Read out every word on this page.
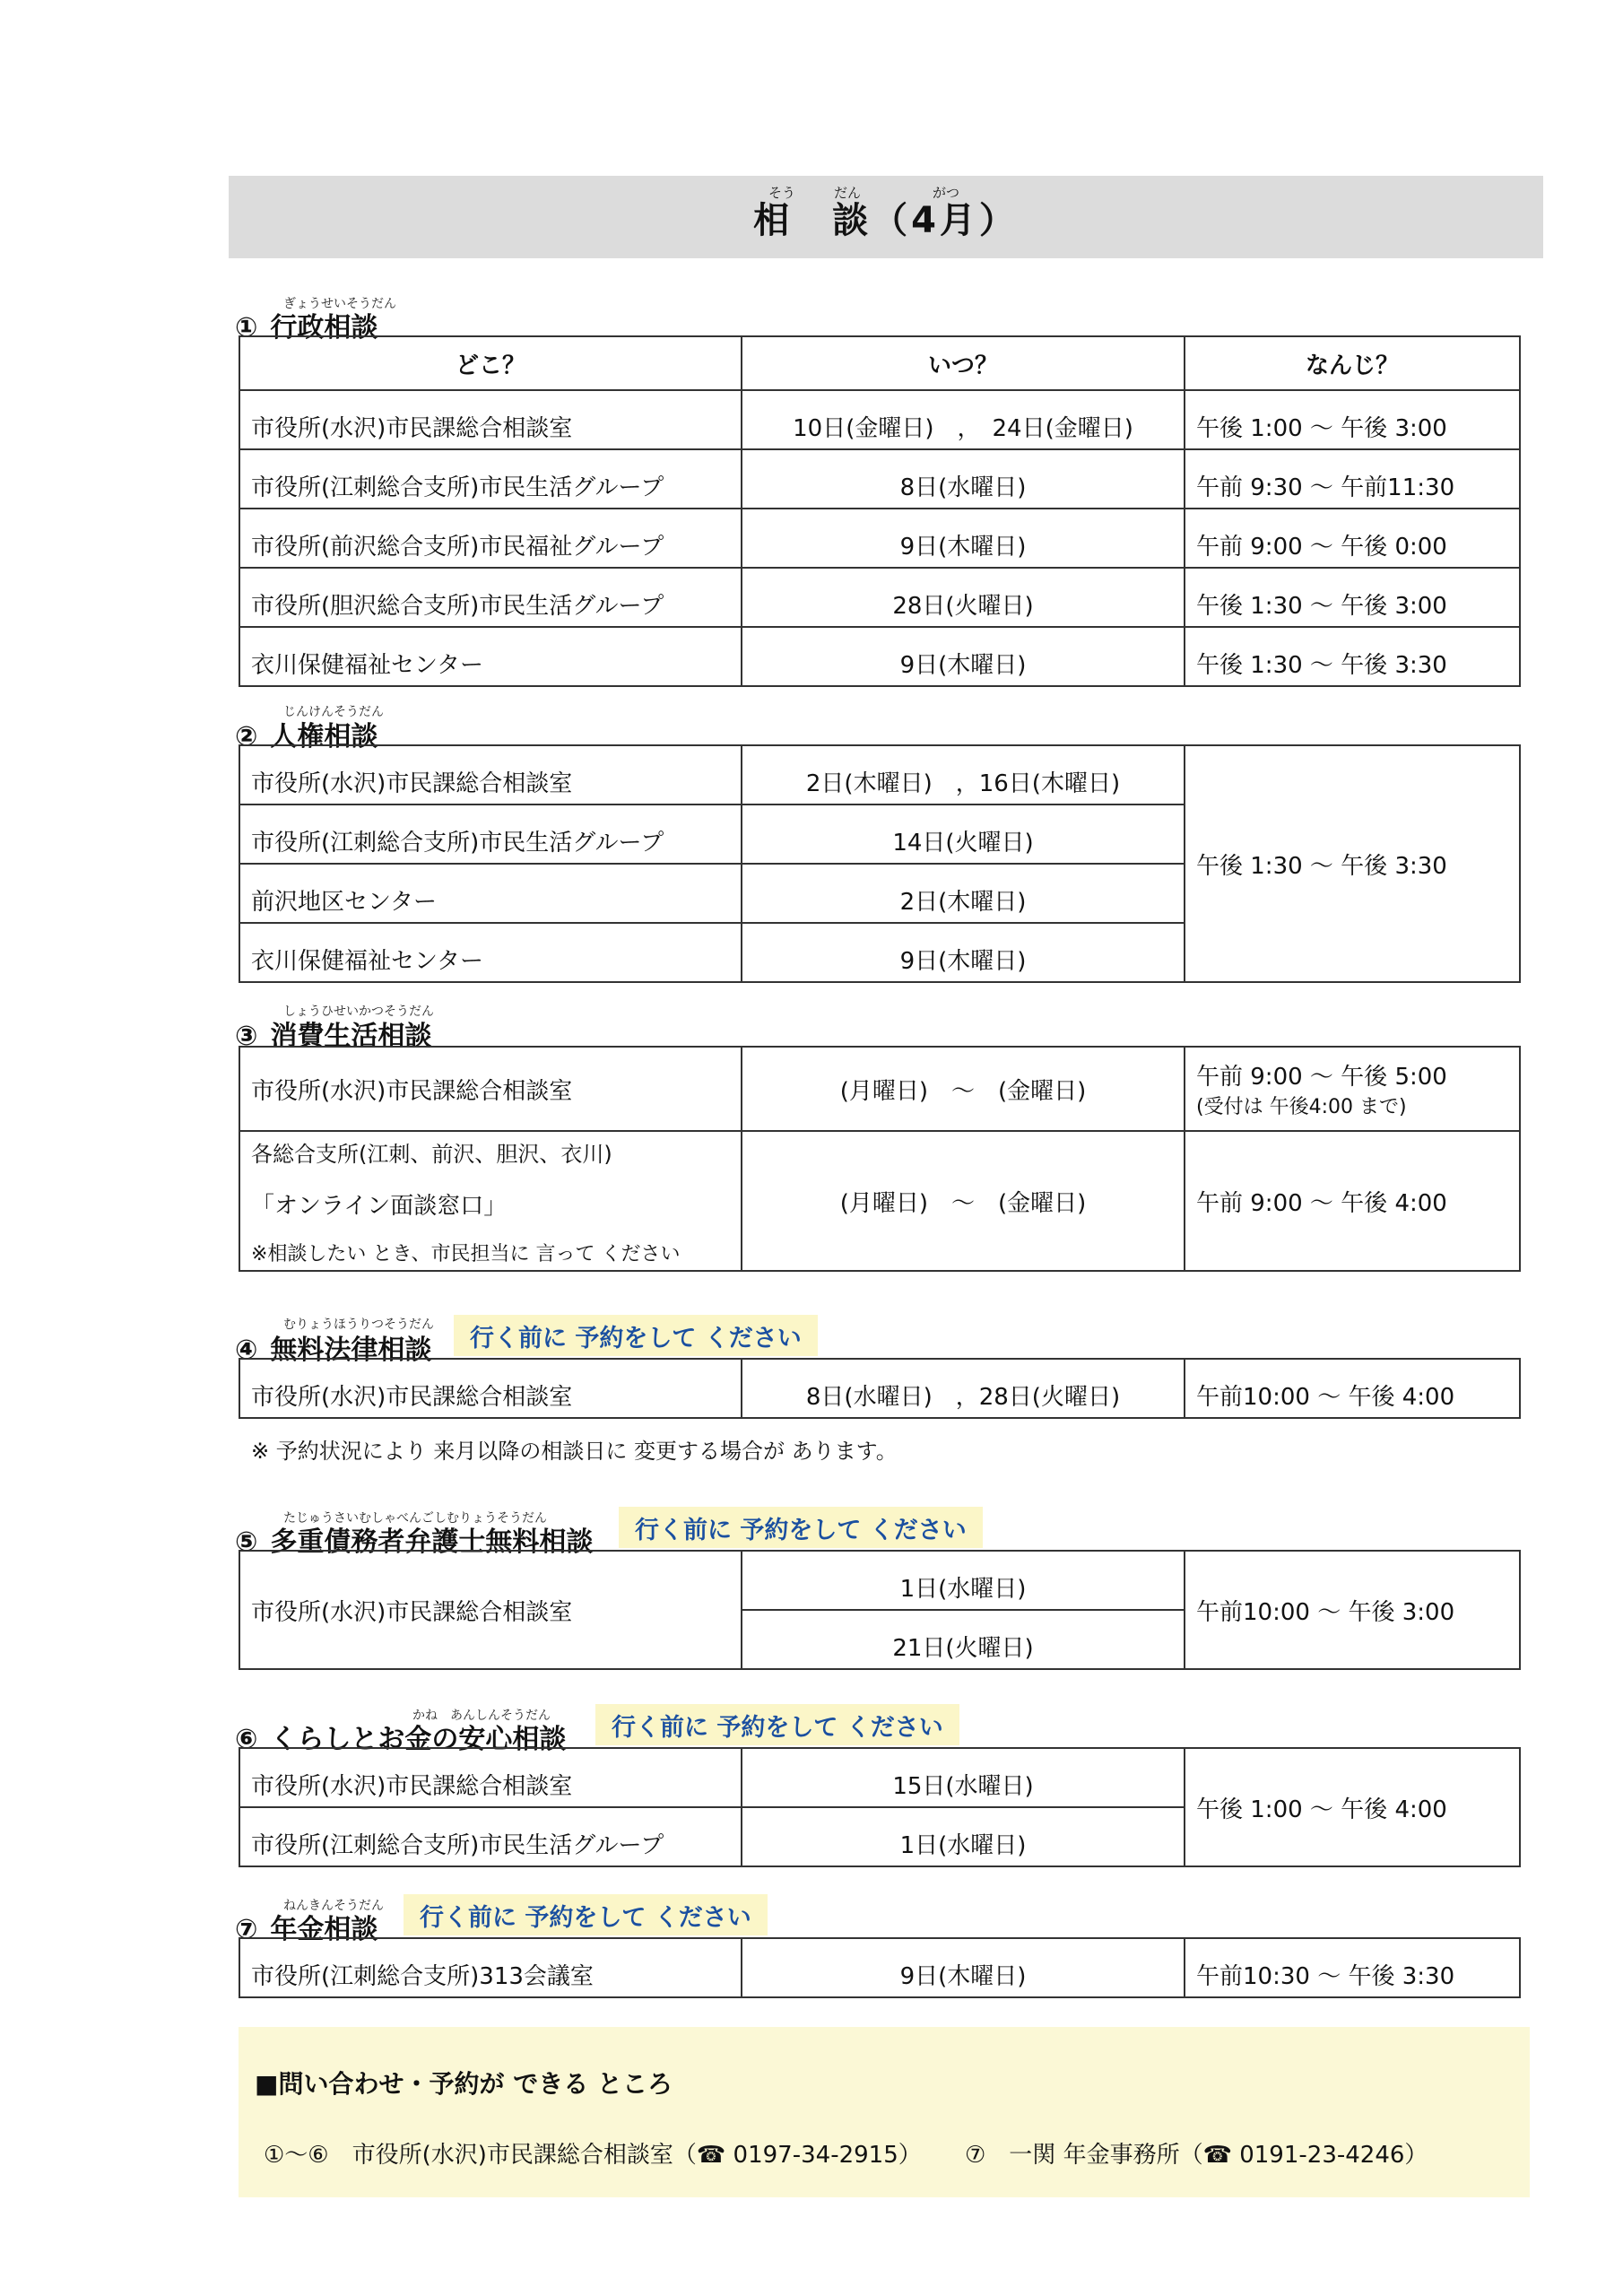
相　談（4月）
そう	だん	がつ
ぎょうせいそうだん
① 行政相談
どこ？	いつ？	なんじ？
市役所(水沢)市民課総合相談室	10日(金曜日)　，　24日(金曜日)	午後 1:00 ～ 午後 3:00
市役所(江刺総合支所)市民生活グループ	8日(水曜日)	午前 9:30 ～ 午前11:30
市役所(前沢総合支所)市民福祉グループ	9日(木曜日)	午前 9:00 ～ 午後 0:00
市役所(胆沢総合支所)市民生活グループ	28日(火曜日)	午後 1:30 ～ 午後 3:00
衣川保健福祉センター	9日(木曜日)	午後 1:30 ～ 午後 3:30
じんけんそうだん
② 人権相談
市役所(水沢)市民課総合相談室	2日(木曜日)　，16日(木曜日)	午後 1:30 ～ 午後 3:30
市役所(江刺総合支所)市民生活グループ	14日(火曜日)	
前沢地区センター	2日(木曜日)	
衣川保健福祉センター	9日(木曜日)	
しょうひせいかつそうだん
③ 消費生活相談
市役所(水沢)市民課総合相談室	(月曜日)　～　(金曜日)	午前 9:00 ～ 午後 5:00
(受付は 午後4:00 まで)

各総合支所(江刺、前沢、胆沢、衣川)
「オンライン面談窓口」
※相談したい とき、市民担当に 言って ください	(月曜日)　～　(金曜日)	午前 9:00 ～ 午後 4:00
むりょうほうりつそうだん
④ 無料法律相談	行く前に 予約をして ください
市役所(水沢)市民課総合相談室	8日(水曜日)　，28日(火曜日)	午前10:00 ～ 午後 4:00
※ 予約状況により 来月以降の相談日に 変更する場合が あります。
たじゅうさいむしゃべんごしむりょうそうだん
⑤ 多重債務者弁護士無料相談	行く前に 予約をして ください
市役所(水沢)市民課総合相談室	1日(水曜日)	午前10:00 ～ 午後 3:00
21日(火曜日)
かね　あんしんそうだん
⑥ くらしとお金の安心相談	行く前に 予約をして ください
市役所(水沢)市民課総合相談室	15日(水曜日)	午後 1:00 ～ 午後 4:00
市役所(江刺総合支所)市民生活グループ	1日(水曜日)	
ねんきんそうだん
⑦ 年金相談	行く前に 予約をして ください
市役所(江刺総合支所)313会議室	9日(木曜日)	午前10:30 ～ 午後 3:30
■問い合わせ・予約が できる ところ
①～⑥　市役所(水沢)市民課総合相談室（☎ 0197-34-2915） ⑦　一関 年金事務所（☎ 0191-23-4246）
